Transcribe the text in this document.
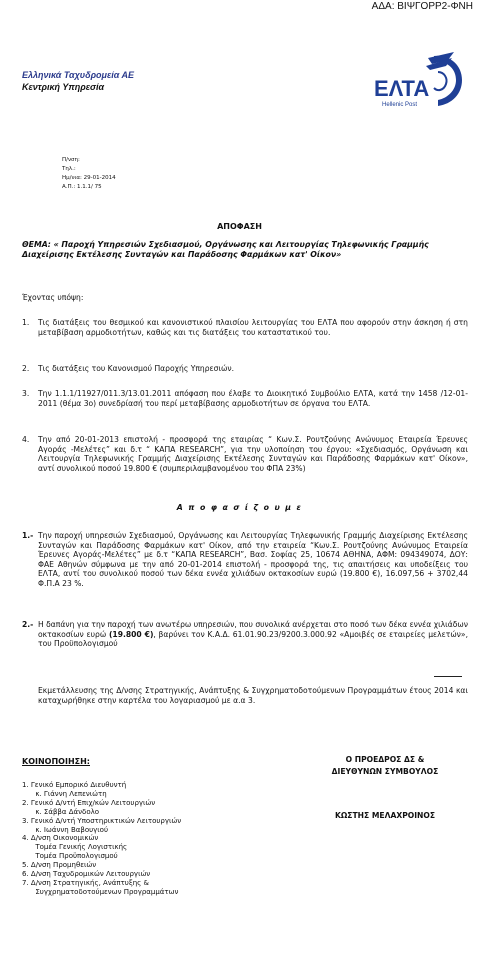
ΑΔΑ: ΒΙΨΓΟΡΡ2-ΦΝΗ
Ελληνικά Ταχυδρομεία ΑΕ
Κεντρική Υπηρεσία	ΕΛΤΑ
Hellenic Post
Π/νση:
Τηλ.:
Ημ/νια: 29-01-2014
Α.Π.: 1.1.1/ 75
ΑΠΟΦΑΣΗ
ΘΕΜΑ: « Παροχή Υπηρεσιών Σχεδιασμού, Οργάνωσης και Λειτουργίας Τηλεφωνικής Γραμμής Διαχείρισης Εκτέλεσης Συνταγών και Παράδοσης Φαρμάκων κατ' Οίκον»
Έχοντας υπόψη:
1. Τις διατάξεις του θεσμικού και κανονιστικού πλαισίου λειτουργίας του ΕΛΤΑ που αφορούν στην άσκηση ή στη μεταβίβαση αρμοδιοτήτων, καθώς και τις διατάξεις του καταστατικού του.
2. Τις διατάξεις του Κανονισμού Παροχής Υπηρεσιών.
3. Την 1.1.1/11927/011.3/13.01.2011 απόφαση που έλαβε το Διοικητικό Συμβούλιο ΕΛΤΑ, κατά την 1458 /12-01-2011 (θέμα 3ο) συνεδρίασή του περί μεταβίβασης αρμοδιοτήτων σε όργανα του ΕΛΤΑ.
4. Την από 20-01-2013 επιστολή - προσφορά της εταιρίας “ Κων.Σ. Ρουτζούνης Ανώνυμος Εταιρεία Έρευνες Αγοράς -Μελέτες” και δ.τ “ ΚΑΠΑ RESEARCH”, για την υλοποίηση του έργου: «Σχεδιασμός, Οργάνωση και Λειτουργία Τηλεφωνικής Γραμμής Διαχείρισης Εκτέλεσης Συνταγών και Παράδοσης Φαρμάκων κατ' Οίκον», αντί συνολικού ποσού 19.800 € (συμπεριλαμβανομένου του ΦΠΑ 23%)
Α π ο φ α σ ί ζ ο υ μ ε
1.- Την παροχή υπηρεσιών Σχεδιασμού, Οργάνωσης και Λειτουργίας Τηλεφωνικής Γραμμής Διαχείρισης Εκτέλεσης Συνταγών και Παράδοσης Φαρμάκων κατ' Οίκον, από την εταιρεία “Κων.Σ. Ρουτζούνης Ανώνυμος Εταιρεία Έρευνες Αγοράς-Μελέτες” με δ.τ “ΚΑΠΑ RESEARCH”, Βασ. Σοφίας 25, 10674 ΑΘΗΝΑ, ΑΦΜ: 094349074, ΔΟΥ: ΦΑΕ Αθηνών σύμφωνα με την από 20-01-2014 επιστολή - προσφορά της, τις απαιτήσεις και υποδείξεις του ΕΛΤΑ, αντί του συνολικού ποσού των δέκα εννέα χιλιάδων οκτακοσίων ευρώ (19.800 €), 16.097,56 + 3702,44 Φ.Π.Α 23 %.
2.- Η δαπάνη για την παροχή των ανωτέρω υπηρεσιών, που συνολικά ανέρχεται στο ποσό των δέκα εννέα χιλιάδων οκτακοσίων ευρώ (19.800 €), βαρύνει τον Κ.Α.Δ. 61.01.90.23/9200.3.000.92 «Αμοιβές σε εταιρείες μελετών», του Προϋπολογισμού
Εκμετάλλευσης της Δ/νσης Στρατηγικής, Ανάπτυξης & Συγχρηματοδοτούμενων Προγραμμάτων έτους 2014 και καταχωρήθηκε στην καρτέλα του λογαριασμού με α.α 3.
ΚΟΙΝΟΠΟΙΗΣΗ:
1. Γενικό Εμπορικό Διευθυντή
κ. Γιάννη Λεπενιώτη
2. Γενικό Δ/ντή Επιχ/κών Λειτουργιών
κ. Σάββα Δάνδολο
3. Γενικό Δ/ντή Υποστηρικτικών Λειτουργιών
κ. Ιωάννη Βαβουγιού
4. Δ/νση Οικονομικών
Τομέα Γενικής Λογιστικής
Τομέα Προϋπολογισμού
5. Δ/νση Προμηθειών
6. Δ/νση Ταχυδρομικών Λειτουργιών
7. Δ/νση Στρατηγικής, Ανάπτυξης &
Συγχρηματοδοτούμενων Προγραμμάτων
Ο ΠΡΟΕΔΡΟΣ ΔΣ &
ΔΙΕΥΘΥΝΩΝ ΣΥΜΒΟΥΛΟΣ
ΚΩΣΤΗΣ ΜΕΛΑΧΡΟΙΝΟΣ
